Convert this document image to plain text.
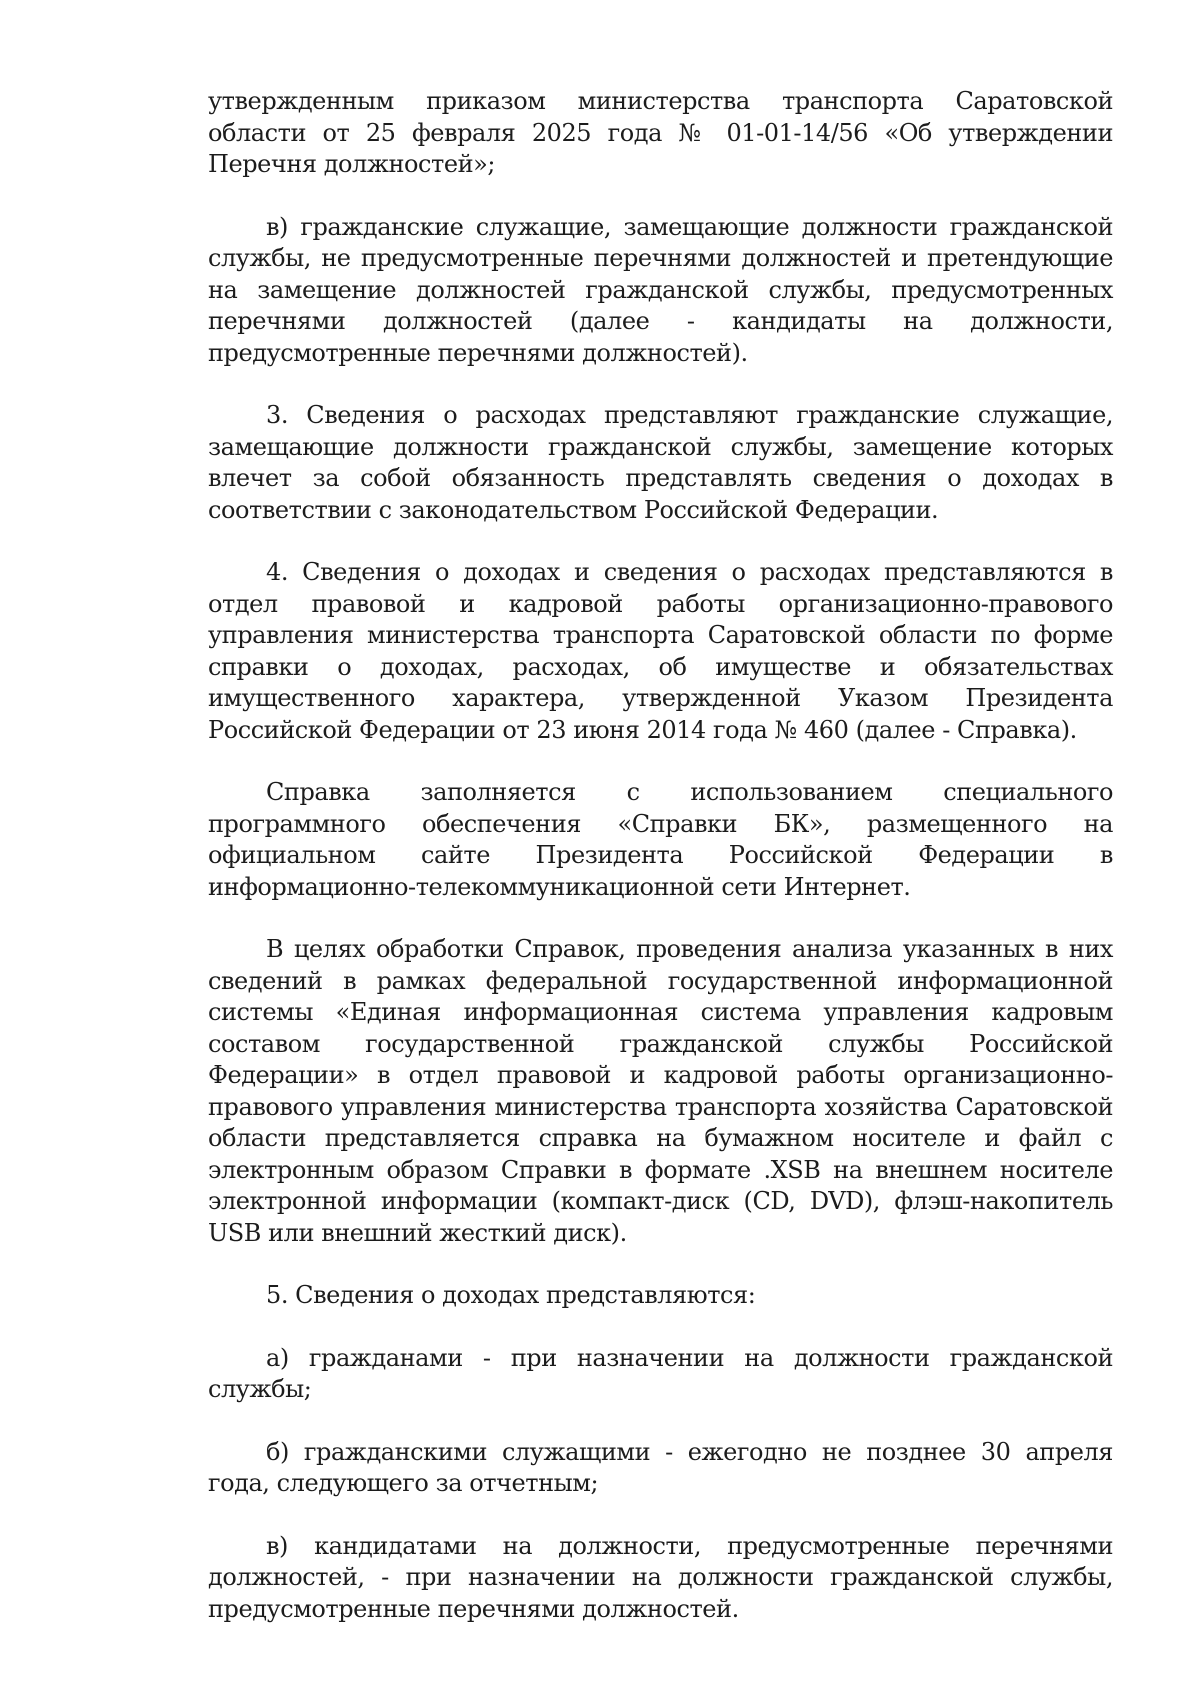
утвержденным приказом министерства транспорта Саратовской области от 25 февраля 2025 года № 01-01-14/56 «Об утверждении Перечня должностей»;

в) гражданские служащие, замещающие должности гражданской службы, не предусмотренные перечнями должностей и претендующие на замещение должностей гражданской службы, предусмотренных перечнями должностей (далее - кандидаты на должности, предусмотренные перечнями должностей).

3. Сведения о расходах представляют гражданские служащие, замещающие должности гражданской службы, замещение которых влечет за собой обязанность представлять сведения о доходах в соответствии с законодательством Российской Федерации.

4. Сведения о доходах и сведения о расходах представляются в отдел правовой и кадровой работы организационно-правового управления министерства транспорта Саратовской области по форме справки о доходах, расходах, об имуществе и обязательствах имущественного характера, утвержденной Указом Президента Российской Федерации от 23 июня 2014 года № 460 (далее - Справка).

Справка заполняется с использованием специального программного обеспечения «Справки БК», размещенного на официальном сайте Президента Российской Федерации в информационно-телекоммуникационной сети Интернет.

В целях обработки Справок, проведения анализа указанных в них сведений в рамках федеральной государственной информационной системы «Единая информационная система управления кадровым составом государственной гражданской службы Российской Федерации» в отдел правовой и кадровой работы организационно-правового управления министерства транспорта хозяйства Саратовской области представляется справка на бумажном носителе и файл с электронным образом Справки в формате .XSB на внешнем носителе электронной информации (компакт-диск (CD, DVD), флэш-накопитель USB или внешний жесткий диск).

5. Сведения о доходах представляются:

а) гражданами - при назначении на должности гражданской службы;

б) гражданскими служащими - ежегодно не позднее 30 апреля года, следующего за отчетным;

в) кандидатами на должности, предусмотренные перечнями должностей, - при назначении на должности гражданской службы, предусмотренные перечнями должностей.
